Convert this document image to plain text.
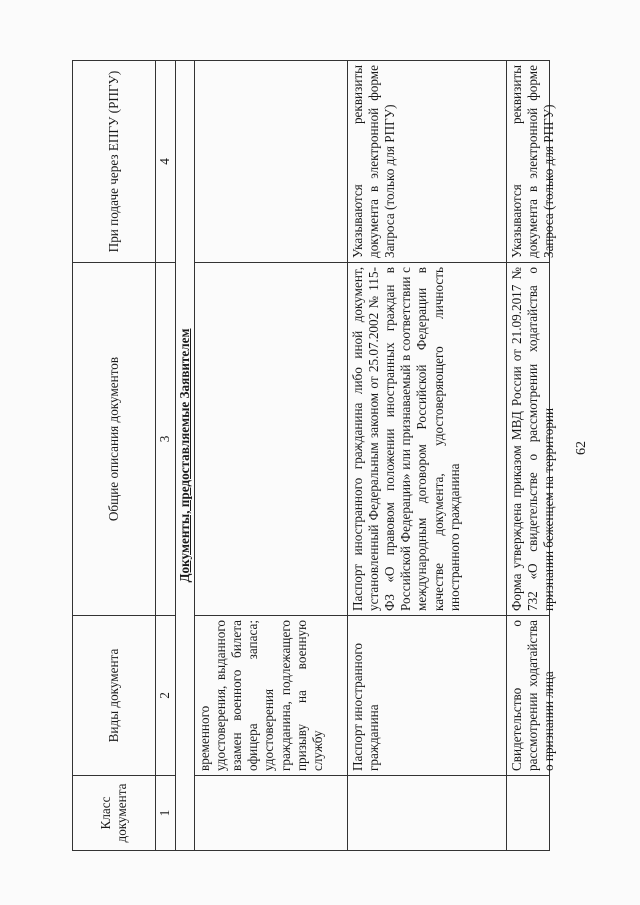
62
Класс документа	Виды документа	Общие описания документов	При подаче через ЕПГУ (РПГУ)
1	2	3	4
Документы, предоставляемые Заявителем			
	временного удостоверения, выданного взамен военного билета офицера запаса; удостоверения гражданина, подлежащего призыву на военную службу		
	Паспорт иностранного гражданина	Паспорт иностранного гражданина либо иной документ, установленный Федеральным законом от 25.07.2002 № 115-ФЗ «О правовом положении иностранных граждан в Российской Федерации» или признаваемый в соответствии с международным договором Российской Федерации в качестве документа, удостоверяющего личность иностранного гражданина	Указываются реквизиты документа в электронной форме Запроса (только для РПГУ)

	Свидетельство о рассмотрении ходатайства о признании лица	Форма утверждена приказом МВД России от 21.09.2017 № 732 «О свидетельстве о рассмотрении ходатайства о признании беженцем на территории	Указываются реквизиты документа в электронной форме Запроса (только для РПГУ)
